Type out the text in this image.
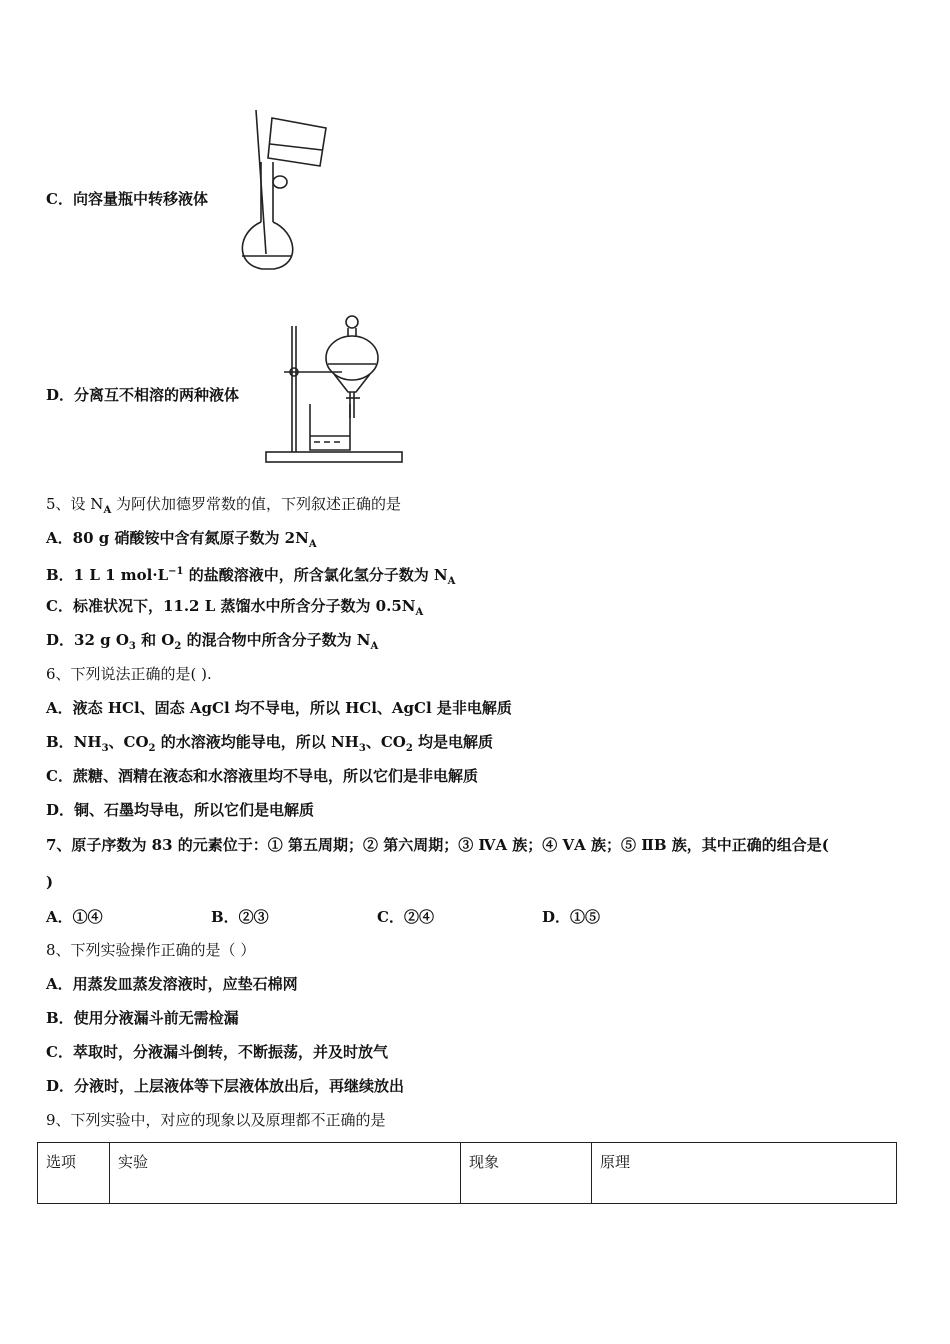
C．向容量瓶中转移液体
D．分离互不相溶的两种液体
5、设 $N_A$ 为阿伏加德罗常数的值，下列叙述正确的是
A．80 g 硝酸铵中含有氮原子数为 $2N_A$
B．1 L 1 $mol\cdot L^{-1}$ 的盐酸溶液中，所含氯化氢分子数为 $N_A$
C．标准状况下，11.2 L 蒸馏水中所含分子数为 $0.5N_A$
D．32 g $O_3$ 和 $O_2$ 的混合物中所含分子数为 $N_A$
6、下列说法正确的是( ).
A．液态 HCl、固态 AgCl 均不导电，所以 HCl、AgCl 是非电解质
B．$NH_3$、$CO_2$ 的水溶液均能导电，所以 $NH_3$、$CO_2$ 均是电解质
C．蔗糖、酒精在液态和水溶液里均不导电，所以它们是非电解质
D．铜、石墨均导电，所以它们是电解质
7、原子序数为 83 的元素位于：① 第五周期；② 第六周期；③ ⅣA 族；④ ⅤA 族；⑤ ⅡB 族，其中正确的组合是(
)
A．①④	B．②③	C．②④	D．①⑤
8、下列实验操作正确的是（ ）
A．用蒸发皿蒸发溶液时，应垫石棉网
B．使用分液漏斗前无需检漏
C．萃取时，分液漏斗倒转，不断振荡，并及时放气
D．分液时，上层液体等下层液体放出后，再继续放出
9、下列实验中，对应的现象以及原理都不正确的是
选项	实验	现象	原理
